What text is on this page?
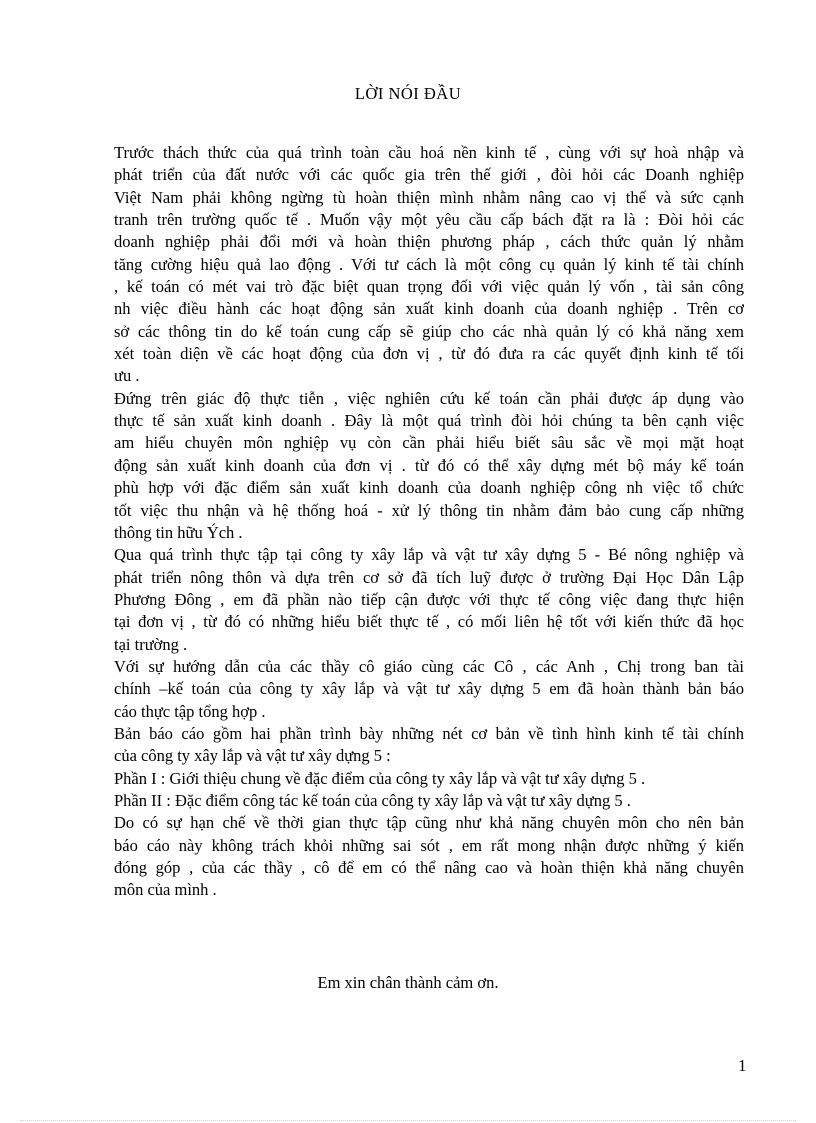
LỜI NÓI ĐẦU
Trước thách thức của quá trình toàn cầu hoá nền kinh tế , cùng với sự hoà nhập và
phát triển của đất nước với các quốc gia trên thế giới , đòi hỏi các Doanh nghiệp
Việt Nam phải không ngừng tù hoàn thiện mình nhằm nâng cao vị thế và sức cạnh
tranh trên trường quốc tế . Muốn vậy một yêu cầu cấp bách đặt ra là : Đòi hỏi các
doanh nghiệp phải đổi mới và hoàn thiện phương pháp , cách thức quản lý nhằm
tăng cường hiệu quả lao động . Với tư cách là một công cụ quản lý kinh tế tài chính
, kế toán có mét vai trò đặc biệt quan trọng đối với việc quản lý vốn , tài sản công
nh việc điều hành các hoạt động sản xuất kinh doanh của doanh nghiệp . Trên cơ
sở các thông tin do kế toán cung cấp sẽ giúp cho các nhà quản lý có khả năng xem
xét toàn diện về các hoạt động của đơn vị , từ đó đưa ra các quyết định kinh tế tối
ưu .
Đứng trên giác độ thực tiễn , việc nghiên cứu kế toán cần phải được áp dụng vào
thực tế sản xuất kinh doanh . Đây là một quá trình đòi hỏi chúng ta bên cạnh việc
am hiểu chuyên môn nghiệp vụ còn cần phải hiểu biết sâu sắc về mọi mặt hoạt
động sản xuất kinh doanh của đơn vị . từ đó có thể xây dựng mét bộ máy kế toán
phù hợp với đặc điểm sản xuất kinh doanh của doanh nghiệp công nh việc tổ chức
tốt việc thu nhận và hệ thống hoá - xử lý thông tin nhằm đảm bảo cung cấp những
thông tin hữu Ých .
Qua quá trình thực tập tại công ty xây lắp và vật tư xây dựng 5 - Bé nông nghiệp và
phát triển nông thôn và dựa trên cơ sở đã tích luỹ được ở trường Đại Học Dân Lập
Phương Đông , em đã phần nào tiếp cận được với thực tế công việc đang thực hiện
tại đơn vị , từ đó có những hiểu biết thực tế , có mối liên hệ tốt với kiến thức đã học
tại trường .
Với sự hướng dẫn của các thầy cô giáo cùng các Cô , các Anh , Chị trong ban tài
chính –kế toán của công ty xây lắp và vật tư xây dựng 5 em đã hoàn thành bản báo
cáo thực tập tổng hợp .
Bản báo cáo gồm hai phần trình bày những nét cơ bản về tình hình kinh tế tài chính
của công ty xây lắp và vật tư xây dựng 5 :
Phần I : Giới thiệu chung về đặc điểm của công ty xây lắp và vật tư xây dựng 5 .
Phần II : Đặc điểm công tác kế toán của công ty xây lắp và vật tư xây dựng 5 .
Do có sự hạn chế về thời gian thực tập cũng như khả năng chuyên môn cho nên bản
báo cáo này không trách khỏi những sai sót , em rất mong nhận được những ý kiến
đóng góp , của các thầy , cô để em có thể nâng cao và hoàn thiện khả năng chuyên
môn của mình .
Em xin chân thành cảm ơn.
1
